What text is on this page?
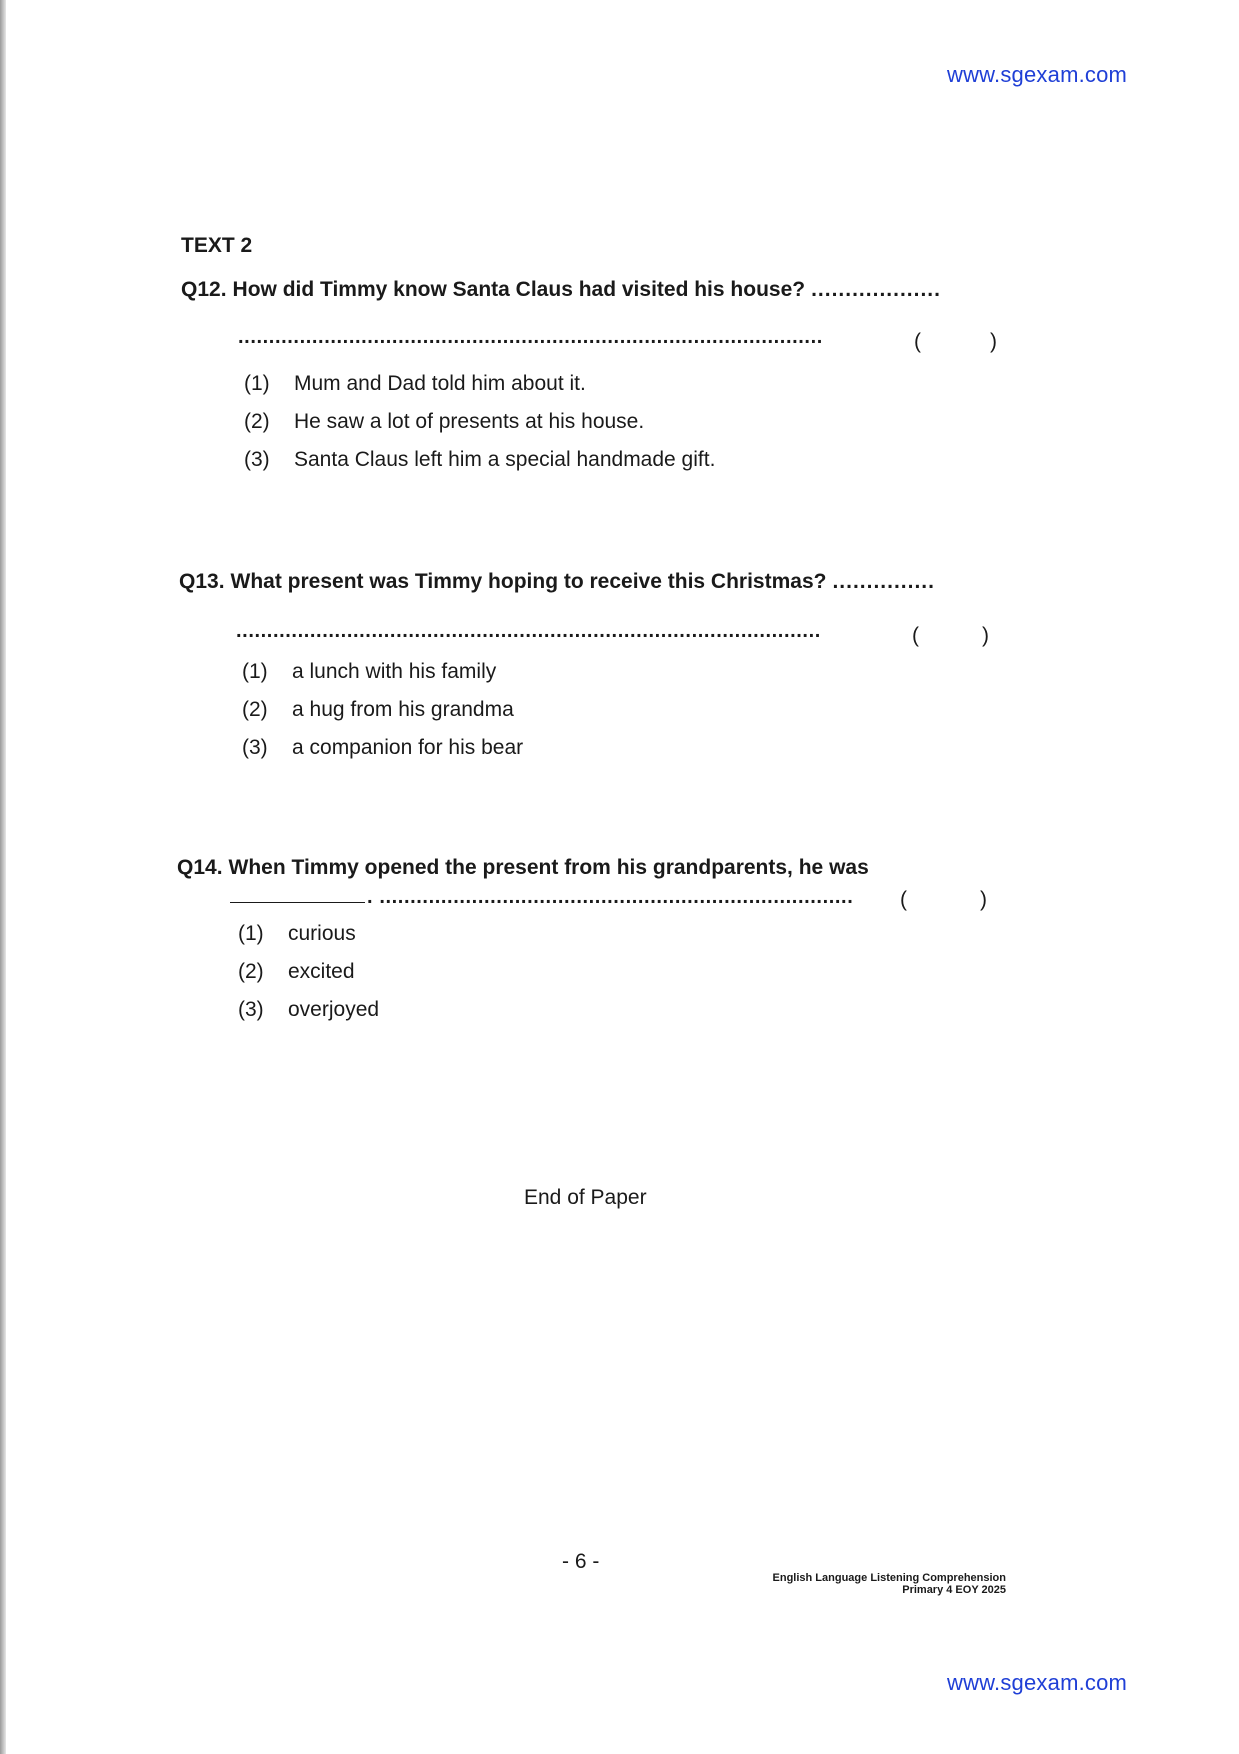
www.sgexam.com
TEXT 2
Q12. How did Timmy know Santa Claus had visited his house? ...................
...............................................................................................	(	)
(1)	Mum and Dad told him about it.
(2)	He saw a lot of presents at his house.
(3)	Santa Claus left him a special handmade gift.
Q13. What present was Timmy hoping to receive this Christmas? ...............
...............................................................................................	(	)
(1)	a lunch with his family
(2)	a hug from his grandma
(3)	a companion for his bear
Q14. When Timmy opened the present from his grandparents, he was
. ............................................................................. (	)
(1)	curious
(2)	excited
(3)	overjoyed
End of Paper
- 6 -
English Language Listening Comprehension
Primary 4 EOY 2025
www.sgexam.com
